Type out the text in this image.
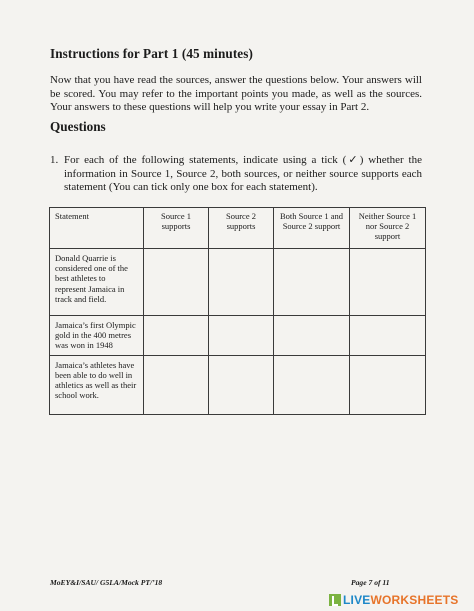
Instructions for Part 1 (45 minutes)

Now that you have read the sources, answer the questions below. Your answers will be scored. You may refer to the important points you made, as well as the sources. Your answers to these questions will help you write your essay in Part 2.

Questions
1. For each of the following statements, indicate using a tick (✓) whether the information in Source 1, Source 2, both sources, or neither source supports each statement (You can tick only one box for each statement).

Statement	Source 1 supports	Source 2 supports	Both Source 1 and Source 2 support	Neither Source 1 nor Source 2 support
Donald Quarrie is considered one of the best athletes to represent Jamaica in track and field.				
Jamaica’s first Olympic gold in the 400 metres was won in 1948				
Jamaica’s athletes have been able to do well in athletics as well as their school work.				
MoEY&I/SAU/ G5LA/Mock PT/’18	Page 7 of 11
LIVE WORKSHEETS
